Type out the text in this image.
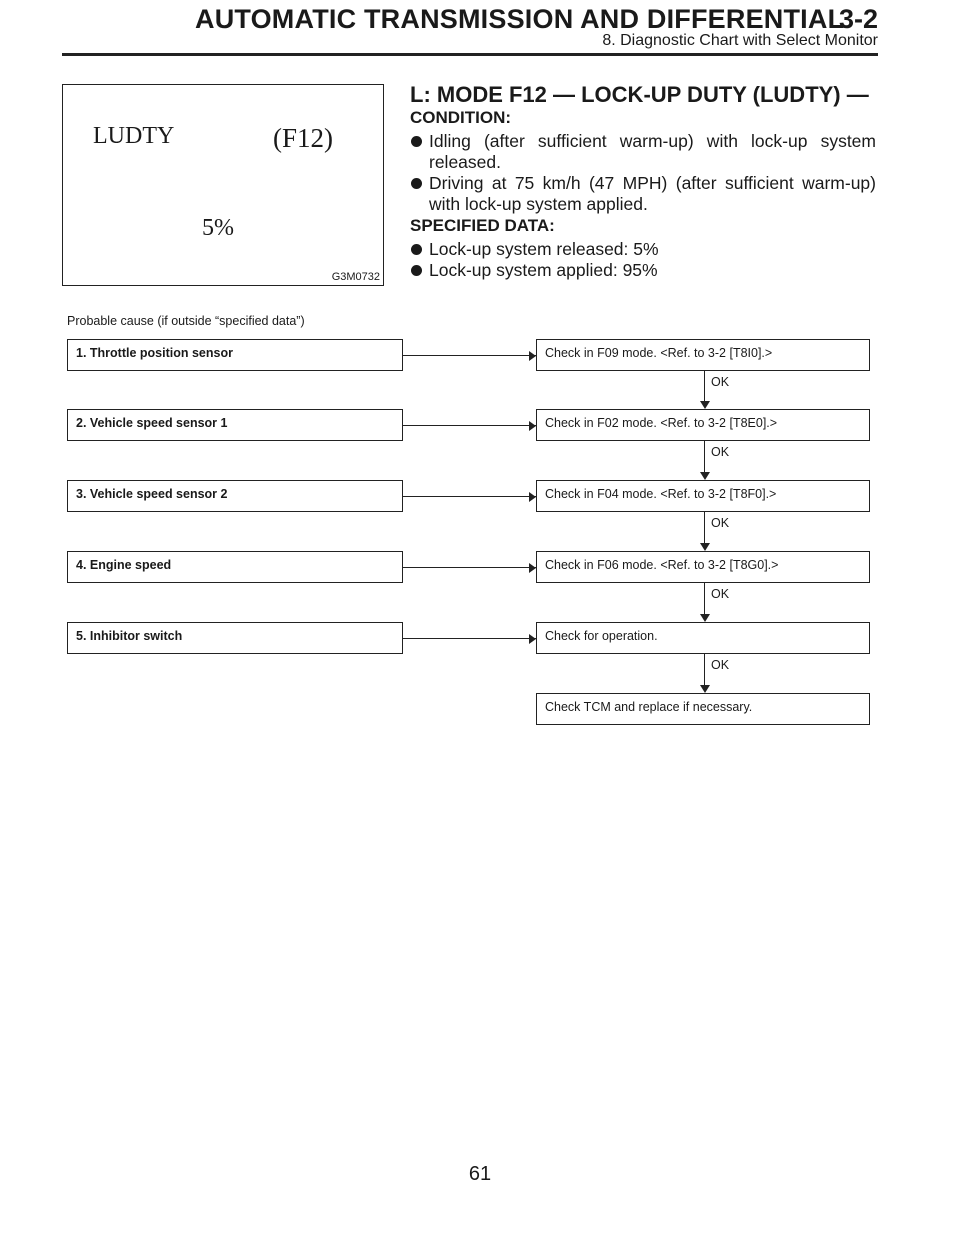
AUTOMATIC TRANSMISSION AND DIFFERENTIAL
3-2
8. Diagnostic Chart with Select Monitor
LUDTY	(F12)
5%
G3M0732
L: MODE F12 — LOCK-UP DUTY (LUDTY) —
CONDITION:
Idling (after sufficient warm-up) with lock-up system released.
Driving at 75 km/h (47 MPH) (after sufficient warm-up) with lock-up system applied.
SPECIFIED DATA:
Lock-up system released: 5%
Lock-up system applied: 95%
Probable cause (if outside “specified data”)
1. Throttle position sensor	Check in F09 mode. <Ref. to 3-2 [T8I0].>
OK
2. Vehicle speed sensor 1	Check in F02 mode. <Ref. to 3-2 [T8E0].>
OK
3. Vehicle speed sensor 2	Check in F04 mode. <Ref. to 3-2 [T8F0].>
OK
4. Engine speed	Check in F06 mode. <Ref. to 3-2 [T8G0].>
OK
5. Inhibitor switch	Check for operation.
OK
Check TCM and replace if necessary.
61
